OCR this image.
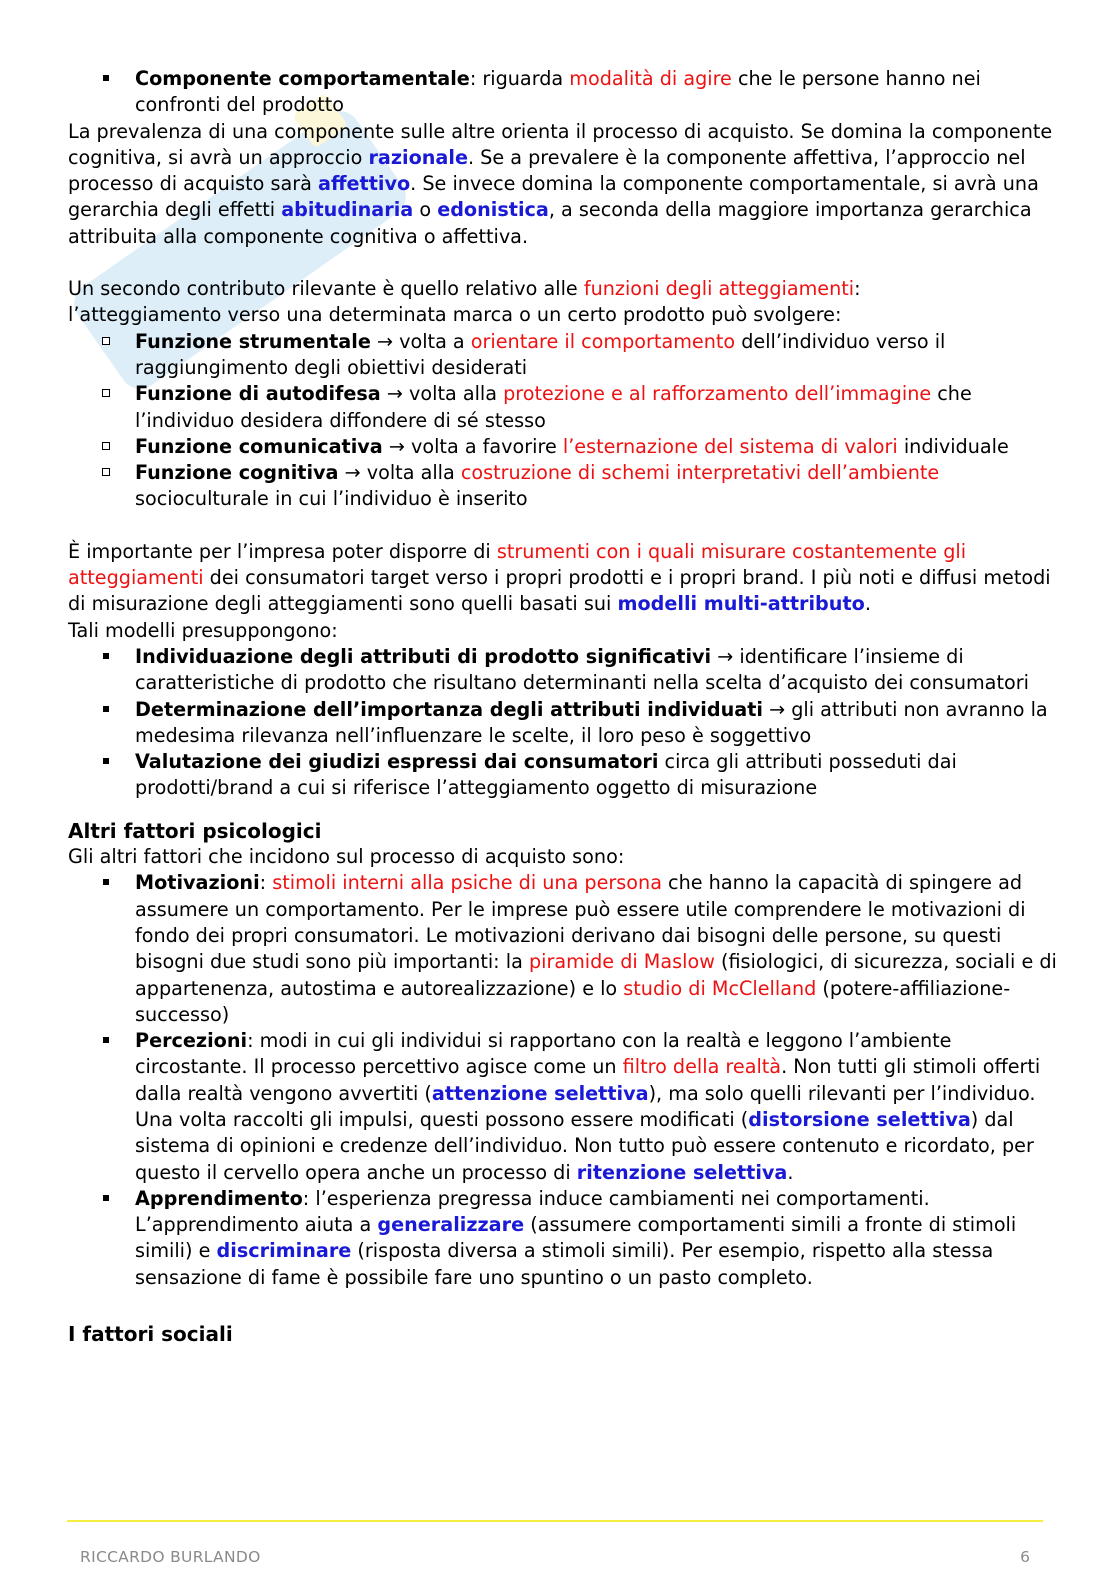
Componente comportamentale: riguarda modalità di agire che le persone hanno nei confronti del prodotto

La prevalenza di una componente sulle altre orienta il processo di acquisto. Se domina la componente cognitiva, si avrà un approccio razionale. Se a prevalere è la componente affettiva, l’approccio nel processo di acquisto sarà affettivo. Se invece domina la componente comportamentale, si avrà una gerarchia degli effetti abitudinaria o edonistica, a seconda della maggiore importanza gerarchica attribuita alla componente cognitiva o affettiva.

Un secondo contributo rilevante è quello relativo alle funzioni degli atteggiamenti:
l’atteggiamento verso una determinata marca o un certo prodotto può svolgere:

Funzione strumentale → volta a orientare il comportamento dell’individuo verso il raggiungimento degli obiettivi desiderati
Funzione di autodifesa → volta alla protezione e al rafforzamento dell’immagine che l’individuo desidera diffondere di sé stesso
Funzione comunicativa → volta a favorire l’esternazione del sistema di valori individuale
Funzione cognitiva → volta alla costruzione di schemi interpretativi dell’ambiente socioculturale in cui l’individuo è inserito

È importante per l’impresa poter disporre di strumenti con i quali misurare costantemente gli atteggiamenti dei consumatori target verso i propri prodotti e i propri brand. I più noti e diffusi metodi di misurazione degli atteggiamenti sono quelli basati sui modelli multi-attributo.
Tali modelli presuppongono:

Individuazione degli attributi di prodotto significativi → identificare l’insieme di caratteristiche di prodotto che risultano determinanti nella scelta d’acquisto dei consumatori
Determinazione dell’importanza degli attributi individuati → gli attributi non avranno la medesima rilevanza nell’influenzare le scelte, il loro peso è soggettivo
Valutazione dei giudizi espressi dai consumatori circa gli attributi posseduti dai prodotti/brand a cui si riferisce l’atteggiamento oggetto di misurazione

Altri fattori psicologici

Gli altri fattori che incidono sul processo di acquisto sono:

Motivazioni: stimoli interni alla psiche di una persona che hanno la capacità di spingere ad assumere un comportamento. Per le imprese può essere utile comprendere le motivazioni di fondo dei propri consumatori. Le motivazioni derivano dai bisogni delle persone, su questi bisogni due studi sono più importanti: la piramide di Maslow (fisiologici, di sicurezza, sociali e di appartenenza, autostima e autorealizzazione) e lo studio di McClelland (potere-affiliazione-successo)
Percezioni: modi in cui gli individui si rapportano con la realtà e leggono l’ambiente circostante. Il processo percettivo agisce come un filtro della realtà. Non tutti gli stimoli offerti dalla realtà vengono avvertiti (attenzione selettiva), ma solo quelli rilevanti per l’individuo. Una volta raccolti gli impulsi, questi possono essere modificati (distorsione selettiva) dal sistema di opinioni e credenze dell’individuo. Non tutto può essere contenuto e ricordato, per questo il cervello opera anche un processo di ritenzione selettiva.
Apprendimento: l’esperienza pregressa induce cambiamenti nei comportamenti. L’apprendimento aiuta a generalizzare (assumere comportamenti simili a fronte di stimoli simili) e discriminare (risposta diversa a stimoli simili). Per esempio, rispetto alla stessa sensazione di fame è possibile fare uno spuntino o un pasto completo.

I fattori sociali

RICCARDO BURLANDO	6
